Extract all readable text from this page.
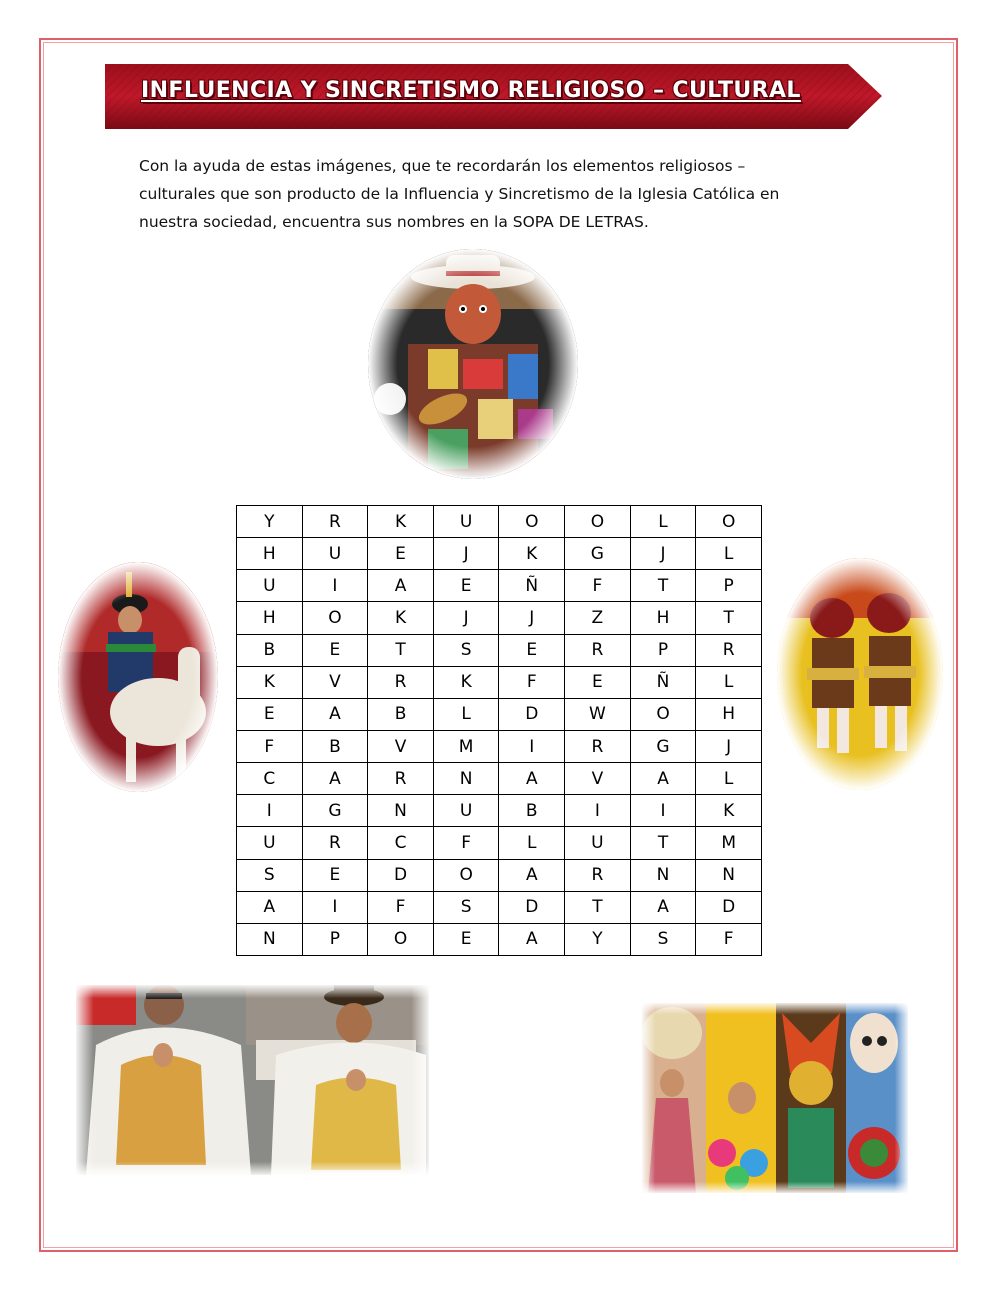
INFLUENCIA Y SINCRETISMO RELIGIOSO – CULTURAL
Con la ayuda de estas imágenes, que te recordarán los elementos religiosos –
culturales que son producto de la Influencia y Sincretismo de la Iglesia Católica en
nuestra sociedad, encuentra sus nombres en la SOPA DE LETRAS.
Y	R	K	U	O	O	L	O
H	U	E	J	K	G	J	L
U	I	A	E	Ñ	F	T	P
H	O	K	J	J	Z	H	T
B	E	T	S	E	R	P	R
K	V	R	K	F	E	Ñ	L
E	A	B	L	D	W	O	H
F	B	V	M	I	R	G	J
C	A	R	N	A	V	A	L
I	G	N	U	B	I	I	K
U	R	C	F	L	U	T	M
S	E	D	O	A	R	N	N
A	I	F	S	D	T	A	D
N	P	O	E	A	Y	S	F
